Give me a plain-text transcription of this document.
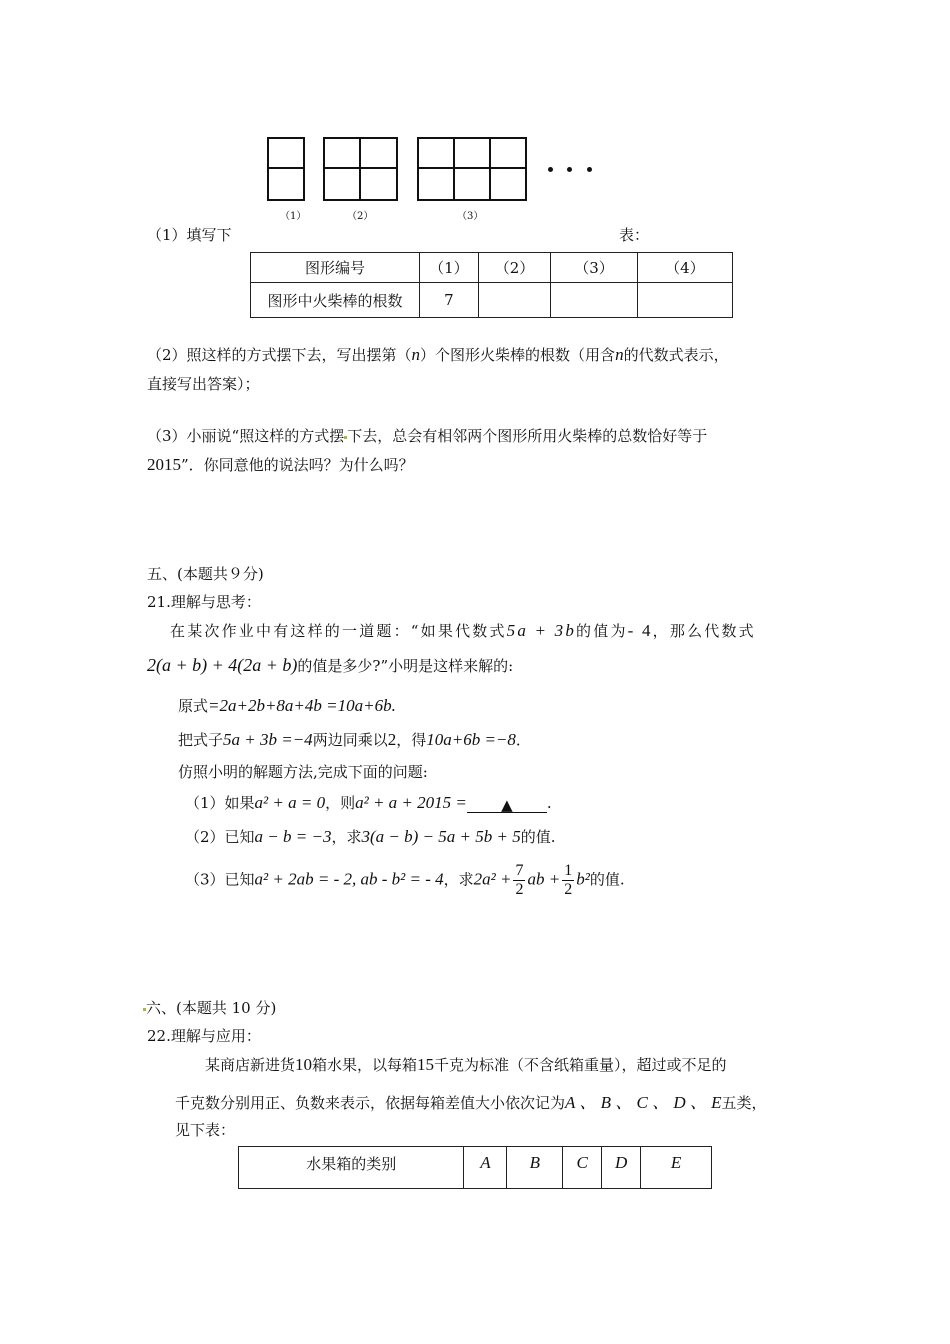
（1）	（2）	（3）
（1）填写下	表：
图形编号	（1）	（2）	（3）	（4）
图形中火柴棒的根数	7			
（2）照这样的方式摆下去，写出摆第（n）个图形火柴棒的根数（用含n的代数式表示，
直接写出答案）；
（3）小丽说“照这样的方式摆 下去，总会有相邻两个图形所用火柴棒的总数恰好等于
2015”．你同意他的说法吗？为什么吗？
五、(本题共９分)
21.理解与思考：
在某次作业中有这样的一道题：“如果代数式5a + 3b的值为- 4，那么代数式
2(a + b) + 4(2a + b)的值是多少?”小明是这样来解的:
原式=2a+2b+8a+4b =10a+6b.
把式子5a + 3b =−4两边同乘以2，得10a+6b =−8．
仿照小明的解题方法,完成下面的问题:
（1）如果a² + a = 0，则a² + a + 2015 = ▲ .
（2）已知a − b = −3，求3(a − b) − 5a + 5b + 5的值.
（3）已知a² + 2ab = - 2, ab - b² = - 4，求$2a^2 + \frac{7}{2}$ ab + $\frac{1}{2} b^2$的值.
六、(本题共 10 分)
22.理解与应用：
某商店新进货10箱水果，以每箱15千克为标准（不含纸箱重量），超过或不足的
千克数分别用正、负数来表示，依据每箱差值大小依次记为A 、 B 、 C 、 D 、 E五类，
见下表：
水果箱的类别	A	B	C	D	E
